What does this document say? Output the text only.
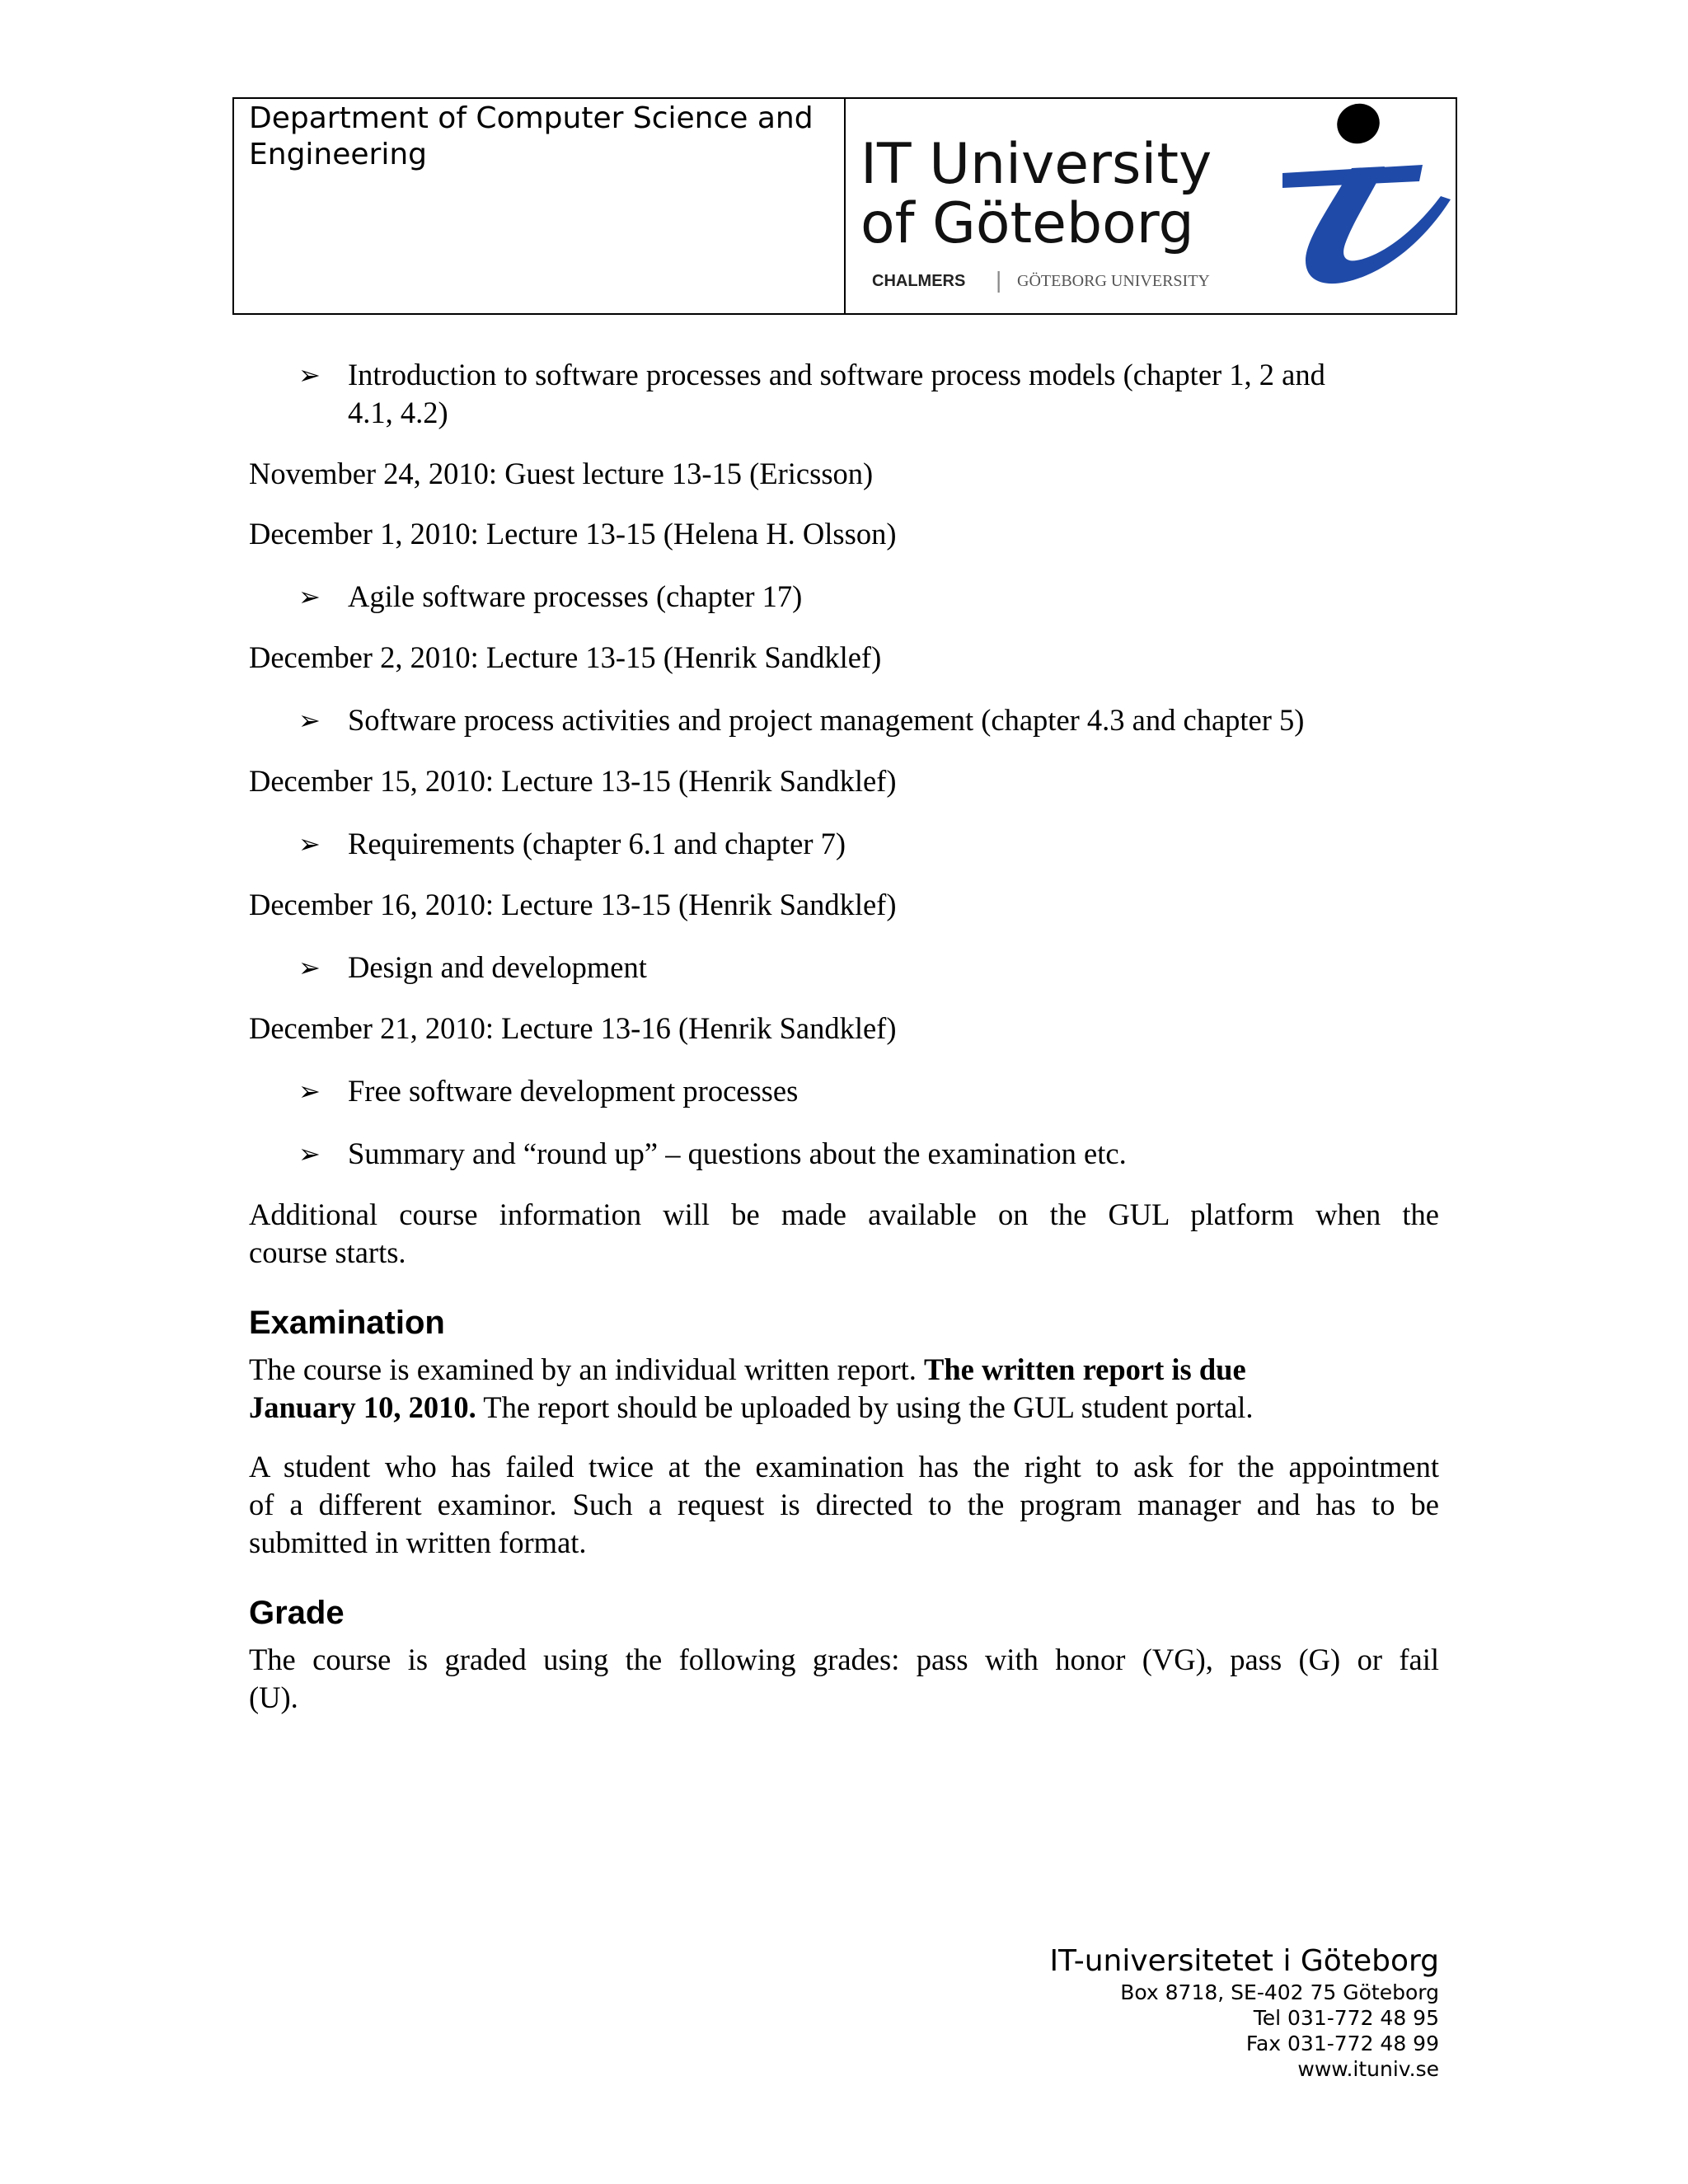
Department of Computer Science and
Engineering	IT University
of Göteborg
CHALMERS | GÖTEBORG UNIVERSITY
➢ Introduction to software processes and software process models (chapter 1, 2 and
4.1, 4.2)

November 24, 2010: Guest lecture 13-15 (Ericsson)

December 1, 2010: Lecture 13-15 (Helena H. Olsson)

➢ Agile software processes (chapter 17)

December 2, 2010: Lecture 13-15 (Henrik Sandklef)

➢ Software process activities and project management (chapter 4.3 and chapter 5)

December 15, 2010: Lecture 13-15 (Henrik Sandklef)

➢ Requirements (chapter 6.1 and chapter 7)

December 16, 2010: Lecture 13-15 (Henrik Sandklef)

➢ Design and development

December 21, 2010: Lecture 13-16 (Henrik Sandklef)

➢ Free software development processes
➢ Summary and “round up” – questions about the examination etc.
Additional course information will be made available on the GUL platform when the
course starts.
Examination
The course is examined by an individual written report. The written report is due
January 10, 2010. The report should be uploaded by using the GUL student portal.
A student who has failed twice at the examination has the right to ask for the appointment
of a different examinor. Such a request is directed to the program manager and has to be
submitted in written format.
Grade
The course is graded using the following grades: pass with honor (VG), pass (G) or fail
(U).
IT-universitetet i Göteborg
Box 8718, SE-402 75 Göteborg
Tel 031-772 48 95
Fax 031-772 48 99
www.ituniv.se
